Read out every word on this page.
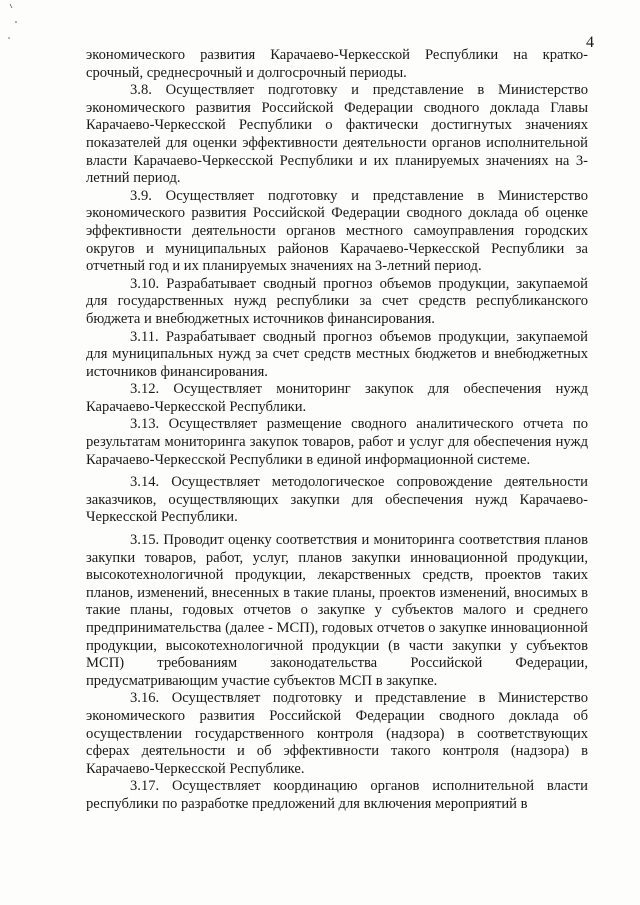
4

экономического развития Карачаево-Черкесской Республики на кратко-срочный, среднесрочный и долгосрочный периоды.

3.8. Осуществляет подготовку и представление в Министерство экономического развития Российской Федерации сводного доклада Главы Карачаево-Черкесской Республики о фактически достигнутых значениях показателей для оценки эффективности деятельности органов исполнительной власти Карачаево-Черкесской Республики и их планируемых значениях на 3-летний период.

3.9. Осуществляет подготовку и представление в Министерство экономического развития Российской Федерации сводного доклада об оценке эффективности деятельности органов местного самоуправления городских округов и муниципальных районов Карачаево-Черкесской Республики за отчетный год и их планируемых значениях на 3-летний период.

3.10. Разрабатывает сводный прогноз объемов продукции, закупаемой для государственных нужд республики за счет средств республиканского бюджета и внебюджетных источников финансирования.

3.11. Разрабатывает сводный прогноз объемов продукции, закупаемой для муниципальных нужд за счет средств местных бюджетов и внебюджетных источников финансирования.

3.12. Осуществляет мониторинг закупок для обеспечения нужд Карачаево-Черкесской Республики.

3.13. Осуществляет размещение сводного аналитического отчета по результатам мониторинга закупок товаров, работ и услуг для обеспечения нужд Карачаево-Черкесской Республики в единой информационной системе.

3.14. Осуществляет методологическое сопровождение деятельности заказчиков, осуществляющих закупки для обеспечения нужд Карачаево-Черкесской Республики.

3.15. Проводит оценку соответствия и мониторинга соответствия планов закупки товаров, работ, услуг, планов закупки инновационной продукции, высокотехнологичной продукции, лекарственных средств, проектов таких планов, изменений, внесенных в такие планы, проектов изменений, вносимых в такие планы, годовых отчетов о закупке у субъектов малого и среднего предпринимательства (далее - МСП), годовых отчетов о закупке инновационной продукции, высокотехнологичной продукции (в части закупки у субъектов МСП) требованиям законодательства Российской Федерации, предусматривающим участие субъектов МСП в закупке.

3.16. Осуществляет подготовку и представление в Министерство экономического развития Российской Федерации сводного доклада об осуществлении государственного контроля (надзора) в соответствующих сферах деятельности и об эффективности такого контроля (надзора) в Карачаево-Черкесской Республике.

3.17. Осуществляет координацию органов исполнительной власти республики по разработке предложений для включения мероприятий в
